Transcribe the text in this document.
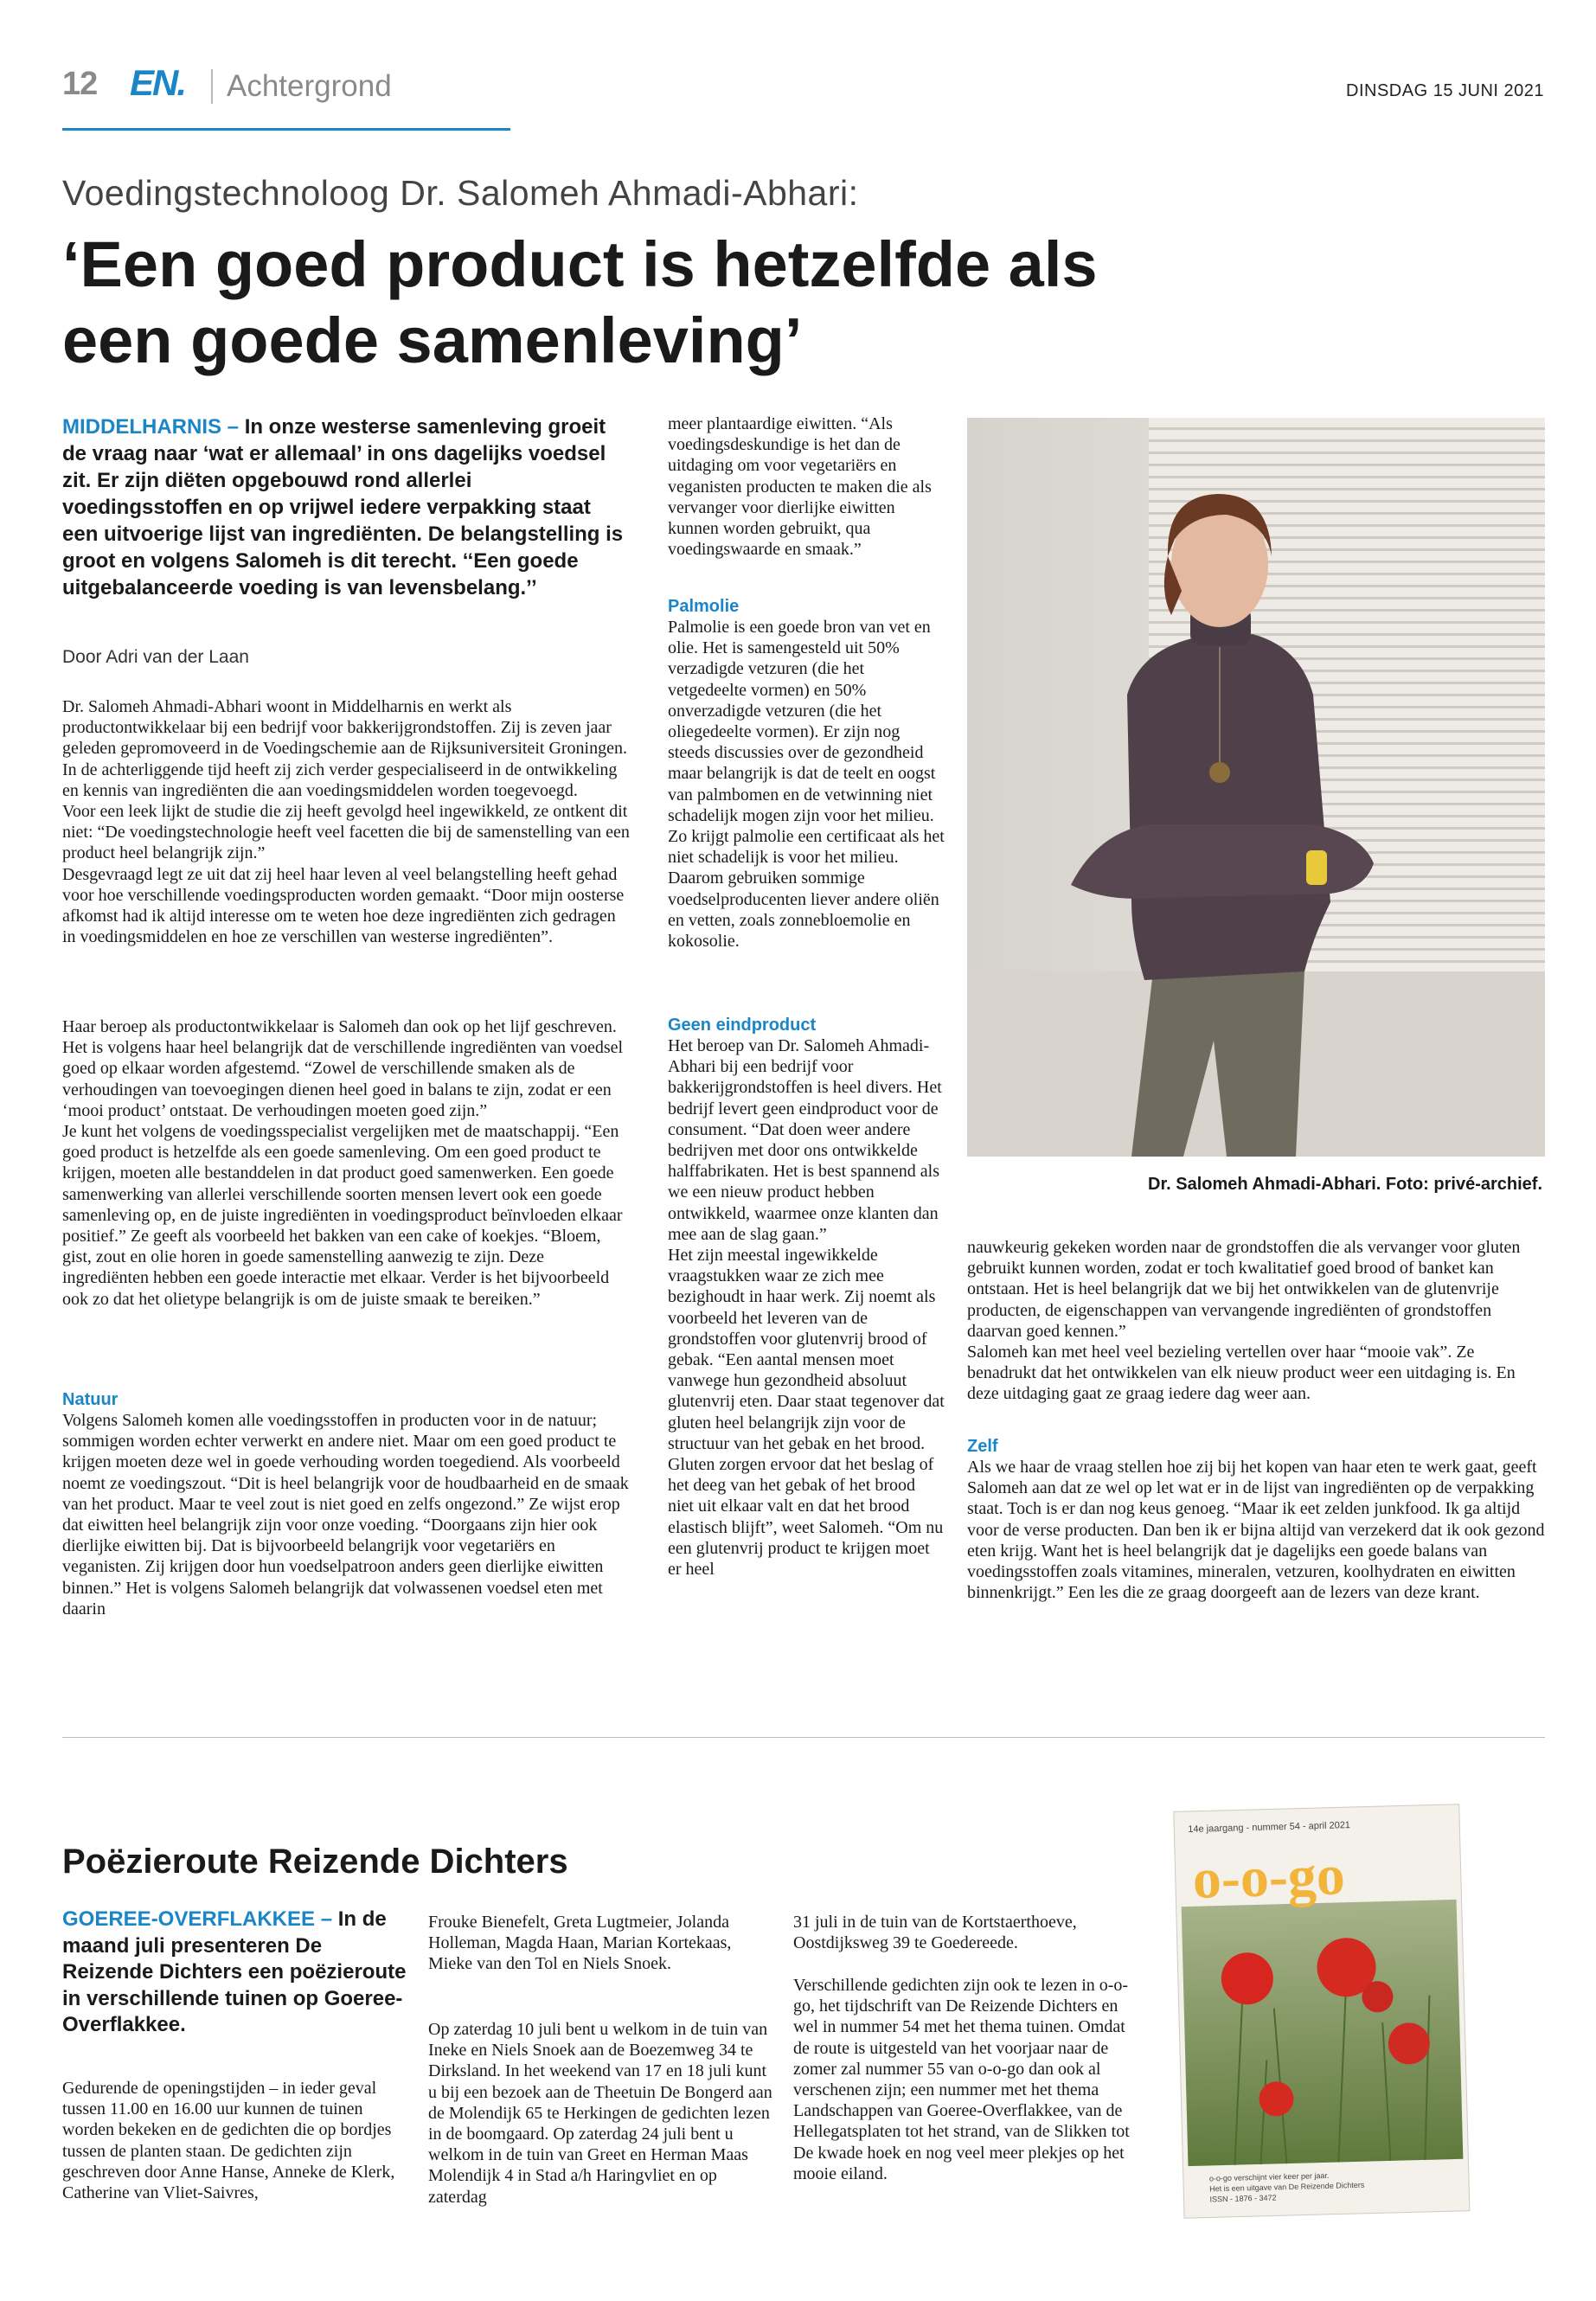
12 EN. Achtergrond	DINSDAG 15 JUNI 2021
Voedingstechnoloog Dr. Salomeh Ahmadi-Abhari:
‘Een goed product is hetzelfde als een goede samenleving’
MIDDELHARNIS – In onze westerse samenleving groeit de vraag naar ‘wat er allemaal’ in ons dagelijks voedsel zit. Er zijn diëten opgebouwd rond allerlei voedingsstoffen en op vrijwel iedere verpakking staat een uitvoerige lijst van ingrediënten. De belangstelling is groot en volgens Salomeh is dit terecht. ‘‘Een goede uitgebalanceerde voeding is van levensbelang.’’
Door Adri van der Laan

Dr. Salomeh Ahmadi-Abhari woont in Middelharnis en werkt als productontwikkelaar bij een bedrijf voor bakkerijgrondstoffen. Zij is zeven jaar geleden gepromoveerd in de Voedingschemie aan de Rijksuniversiteit Groningen. In de achterliggende tijd heeft zij zich verder gespecialiseerd in de ontwikkeling en kennis van ingrediënten die aan voedingsmiddelen worden toegevoegd.
Voor een leek lijkt de studie die zij heeft gevolgd heel ingewikkeld, ze ontkent dit niet: “De voedingstechnologie heeft veel facetten die bij de samenstelling van een product heel belangrijk zijn.”
Desgevraagd legt ze uit dat zij heel haar leven al veel belangstelling heeft gehad voor hoe verschillende voedingsproducten worden gemaakt. “Door mijn oosterse afkomst had ik altijd interesse om te weten hoe deze ingrediënten zich gedragen in voedingsmiddelen en hoe ze verschillen van westerse ingrediënten”.

Haar beroep als productontwikkelaar is Salomeh dan ook op het lijf geschreven. Het is volgens haar heel belangrijk dat de verschillende ingrediënten van voedsel goed op elkaar worden afgestemd. “Zowel de verschillende smaken als de verhoudingen van toevoegingen dienen heel goed in balans te zijn, zodat er een ‘mooi product’ ontstaat. De verhoudingen moeten goed zijn.”
Je kunt het volgens de voedingsspecialist vergelijken met de maatschappij. “Een goed product is hetzelfde als een goede samenleving. Om een goed product te krijgen, moeten alle bestanddelen in dat product goed samenwerken. Een goede samenwerking van allerlei verschillende soorten mensen levert ook een goede samenleving op, en de juiste ingrediënten in voedingsproduct beïnvloeden elkaar positief.” Ze geeft als voorbeeld het bakken van een cake of koekjes. “Bloem, gist, zout en olie horen in goede samenstelling aanwezig te zijn. Deze ingrediënten hebben een goede interactie met elkaar. Verder is het bijvoorbeeld ook zo dat het olietype belangrijk is om de juiste smaak te bereiken.”

Natuur

Volgens Salomeh komen alle voedingsstoffen in producten voor in de natuur; sommigen worden echter verwerkt en andere niet. Maar om een goed product te krijgen moeten deze wel in goede verhouding worden toegediend. Als voorbeeld noemt ze voedingszout. “Dit is heel belangrijk voor de houdbaarheid en de smaak van het product. Maar te veel zout is niet goed en zelfs ongezond.” Ze wijst erop dat eiwitten heel belangrijk zijn voor onze voeding. “Doorgaans zijn hier ook dierlijke eiwitten bij. Dat is bijvoorbeeld belangrijk voor vegetariërs en veganisten. Zij krijgen door hun voedselpatroon anders geen dierlijke eiwitten binnen.” Het is volgens Salomeh belangrijk dat volwassenen voedsel eten met daarin

meer plantaardige eiwitten. “Als voedingsdeskundige is het dan de uitdaging om voor vegetariërs en veganisten producten te maken die als vervanger voor dierlijke eiwitten kunnen worden gebruikt, qua voedingswaarde en smaak.”

Palmolie

Palmolie is een goede bron van vet en olie. Het is samengesteld uit 50% verzadigde vetzuren (die het vetgedeelte vormen) en 50% onverzadigde vetzuren (die het oliegedeelte vormen). Er zijn nog steeds discussies over de gezondheid maar belangrijk is dat de teelt en oogst van palmbomen en de vetwinning niet schadelijk mogen zijn voor het milieu. Zo krijgt palmolie een certificaat als het niet schadelijk is voor het milieu. Daarom gebruiken sommige voedselproducenten liever andere oliën en vetten, zoals zonnebloemolie en kokosolie.

Geen eindproduct

Het beroep van Dr. Salomeh Ahmadi-Abhari bij een bedrijf voor bakkerijgrondstoffen is heel divers. Het bedrijf levert geen eindproduct voor de consument. “Dat doen weer andere bedrijven met door ons ontwikkelde halffabrikaten. Het is best spannend als we een nieuw product hebben ontwikkeld, waarmee onze klanten dan mee aan de slag gaan.”
Het zijn meestal ingewikkelde vraagstukken waar ze zich mee bezighoudt in haar werk. Zij noemt als voorbeeld het leveren van de grondstoffen voor glutenvrij brood of gebak. “Een aantal mensen moet vanwege hun gezondheid absoluut glutenvrij eten. Daar staat tegenover dat gluten heel belangrijk zijn voor de structuur van het gebak en het brood. Gluten zorgen ervoor dat het beslag of het deeg van het gebak of het brood niet uit elkaar valt en dat het brood elastisch blijft”, weet Salomeh. “Om nu een glutenvrij product te krijgen moet er heel

Dr. Salomeh Ahmadi-Abhari. Foto: privé-archief.

nauwkeurig gekeken worden naar de grondstoffen die als vervanger voor gluten gebruikt kunnen worden, zodat er toch kwalitatief goed brood of banket kan ontstaan. Het is heel belangrijk dat we bij het ontwikkelen van de glutenvrije producten, de eigenschappen van vervangende ingrediënten of grondstoffen daarvan goed kennen.”
Salomeh kan met heel veel bezieling vertellen over haar “mooie vak”. Ze benadrukt dat het ontwikkelen van elk nieuw product weer een uitdaging is. En deze uitdaging gaat ze graag iedere dag weer aan.

Zelf

Als we haar de vraag stellen hoe zij bij het kopen van haar eten te werk gaat, geeft Salomeh aan dat ze wel op let wat er in de lijst van ingrediënten op de verpakking staat. Toch is er dan nog keus genoeg. “Maar ik eet zelden junkfood. Ik ga altijd voor de verse producten. Dan ben ik er bijna altijd van verzekerd dat ik ook gezond eten krijg. Want het is heel belangrijk dat je dagelijks een goede balans van voedingsstoffen zoals vitamines, mineralen, vetzuren, koolhydraten en eiwitten binnenkrijgt.” Een les die ze graag doorgeeft aan de lezers van deze krant.

Poëzieroute Reizende Dichters
GOEREE-OVERFLAKKEE – In de maand juli presenteren De Reizende Dichters een poëzieroute in verschillende tuinen op Goeree-Overflakkee.

Gedurende de openingstijden – in ieder geval tussen 11.00 en 16.00 uur kunnen de tuinen worden bekeken en de gedichten die op bordjes tussen de planten staan. De gedichten zijn geschreven door Anne Hanse, Anneke de Klerk, Catherine van Vliet-Saivres,

Frouke Bienefelt, Greta Lugtmeier, Jolanda Holleman, Magda Haan, Marian Kortekaas, Mieke van den Tol en Niels Snoek.

Op zaterdag 10 juli bent u welkom in de tuin van Ineke en Niels Snoek aan de Boezemweg 34 te Dirksland. In het weekend van 17 en 18 juli kunt u bij een bezoek aan de Theetuin De Bongerd aan de Molendijk 65 te Herkingen de gedichten lezen in de boomgaard. Op zaterdag 24 juli bent u welkom in de tuin van Greet en Herman Maas Molendijk 4 in Stad a/h Haringvliet en op zaterdag

31 juli in de tuin van de Kortstaerthoeve, Oostdijksweg 39 te Goedereede.

Verschillende gedichten zijn ook te lezen in o-o-go, het tijdschrift van De Reizende Dichters en wel in nummer 54 met het thema tuinen. Omdat de route is uitgesteld van het voorjaar naar de zomer zal nummer 55 van o-o-go dan ook al verschenen zijn; een nummer met het thema Landschappen van Goeree-Overflakkee, van de Hellegatsplaten tot het strand, van de Slikken tot De kwade hoek en nog veel meer plekjes op het mooie eiland.

14e jaargang - nummer 54 - april 2021
o-o-go
o-o-go verschijnt vier keer per jaar.
Het is een uitgave van De Reizende Dichters
ISSN - 1876 - 3472
